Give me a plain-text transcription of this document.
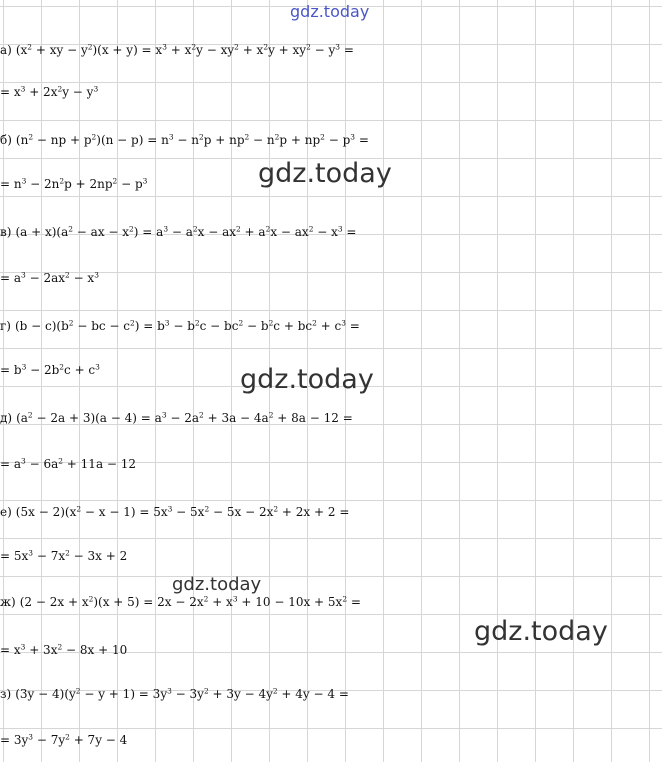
gdz.today
а) ($x^2$ + xy − $y^2)(x + y) = x^3 + x^2y - xy^2 + x^2y + xy^2 - y^3$ =
= $x^3 + 2x^2y - y^3$
б) ($n^2$ − np + $p^2)(n - p) = n^3 - n^2p + np^2 - n^2p + np^2 - p^3$ =
= $n^3 - 2n^2p + 2np^2 - p^3$
в) $(a + x)(a^2$ − ax − $x^2) = a^3 - a^2x - ax^2 + a^2x - ax^2 - x^3$ =
= $a^3 - 2ax^2 - x^3$
г) $(b - c)(b^2$ − bc − $c^2) = b^3 - b^2c - bc^2 - b^2c + bc^2 + c^3$ =
= $b^3 - 2b^2c + c^3$
д) $(a^2 - 2a + 3)(a - 4) = a^3 - 2a^2 + 3a - 4a^2 + 8a - 12$ =
= $a^3 - 6a^2 + 11a - 12$
е) $(5x - 2)(x^2 - x - 1) = 5x^3 - 5x^2 - 5x - 2x^2 + 2x + 2$ =
= $5x^3 - 7x^2 - 3x + 2$
ж) $(2 - 2x + x^2)(x + 5) = 2x - 2x^2 + x^3 + 10 - 10x + 5x^2$ =
= $x^3 + 3x^2 - 8x + 10$
з) $(3y - 4)(y^2 - y + 1) = 3y^3 - 3y^2 + 3y - 4y^2 + 4y - 4$ =
= $3y^3 - 7y^2 + 7y - 4$
gdz.today
gdz.today
gdz.today
gdz.today
